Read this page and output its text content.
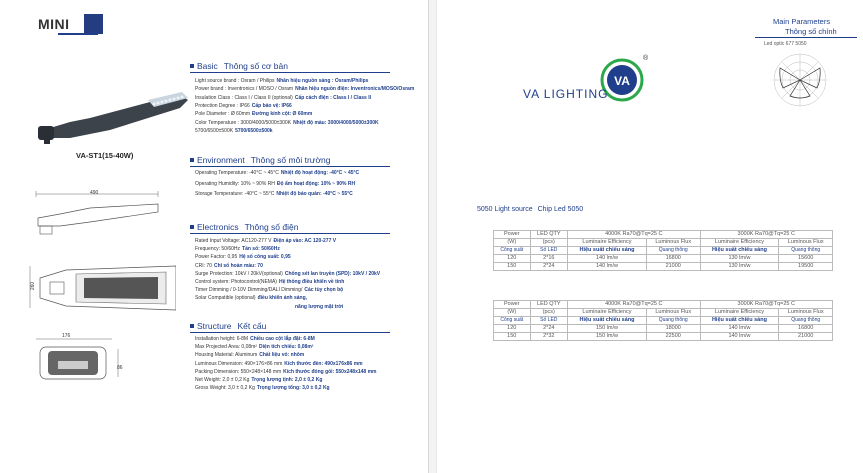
MINI
VA-ST1(15-40W)
490
260
176
86
Basic Thông số cơ bản
Light source brand : Osram / Philips Nhãn hiệu nguồn sáng : Osram/Philips
Power brand : Inventronics / MOSO / Osram Nhãn hiệu nguồn điện: Inventronics/MOSO/Osram
Insulation Class : Class I / Class II (optional) Cấp cách điện : Class I / Class II
Protection Degree : IP66 Cấp bảo vệ: IP66
Pole Diameter : Ø 60mm Đường kính cột: Ø 60mm
Color Temperature : 3000/4000/5000±300K Nhiệt độ màu: 3000/4000/5000±300K
5700/6500±500K 5700/6500±500k
Environment Thông số môi trường
Operating Temperature: -40°C ~ 45°C Nhiệt độ hoạt động: -40°C ~ 45°C
Operating Humidity: 10% ~ 90% RH Độ ẩm hoạt động: 10% ~ 90% RH
Storage Temperature: -40°C ~ 55°C Nhiệt độ bảo quản: -40°C ~ 55°C
Electronics Thông số điện
Rated Input Voltage: AC120-277 V Điện áp vào: AC 120-277 V
Frequency: 50/60Hz Tần số: 50/60Hz
Power Factor: 0,95 Hệ số công suất: 0,95
CRI: 70 Chỉ số hoàn màu: 70
Surge Protection: 10kV / 20kV(optional) Chống sét lan truyền (SPD): 10kV / 20kV
Control system: Photocontrol(NEMA) Hệ thống điều khiển về tính
Timer Dimming / 0-10V Dimming/DALI Dimming/ Các tùy chọn bộ
Solar Compatible (optional) điều khiển ánh sáng,
năng lượng mặt trời
Structure Kết cấu
Installation height: 6-8M Chiều cao cột lắp đặt: 6-8M
Max Projected Area: 0,08m² Diện tích chiếu: 0,08m²
Housing Material: Aluminum Chất liệu vỏ: nhôm
Luminous Dimension: 490×176×86 mm Kích thước đèn: 490x176x86 mm
Packing Dimension: 550×248×148 mm Kích thước đóng gói: 550x248x148 mm
Net Weight: 2,0 ± 0,2 Kg Trọng lượng tịnh: 2,0 ± 0,2 Kg
Gross Weight: 3,0 ± 0,2 Kg Trọng lượng tổng: 3,0 ± 0,2 Kg
Main Parameters
Thông số chính
Led optic 677 5050
VA
®
VA LIGHTING
5050 Light source Chip Led 5050
Power	LED QTY	4000K Ra70@Tq=25 C		3000K Ra70@Tq=25 C	
(W)	(pcs)	Luminaire Efficiency	Luminous Flux	Luminaire Efficiency	Luminous Flux
Công suất	Số LED	Hiệu suất chiếu sáng	Quang thông	Hiệu suất chiếu sáng	Quang thông
120	2*16	140 lm/w	16800	130 lm/w	15600
150	2*24	140 lm/w	21000	130 lm/w	19500
Power	LED QTY	4000K Ra70@Tq=25 C		3000K Ra70@Tq=25 C	
(W)	(pcs)	Luminaire Efficiency	Luminous Flux	Luminaire Efficiency	Luminous Flux
Công suất	Số LED	Hiệu suất chiếu sáng	Quang thông	Hiệu suất chiếu sáng	Quang thông
120	2*24	150 lm/w	18000	140 lm/w	16800
150	2*32	150 lm/w	22500	140 lm/w	21000
